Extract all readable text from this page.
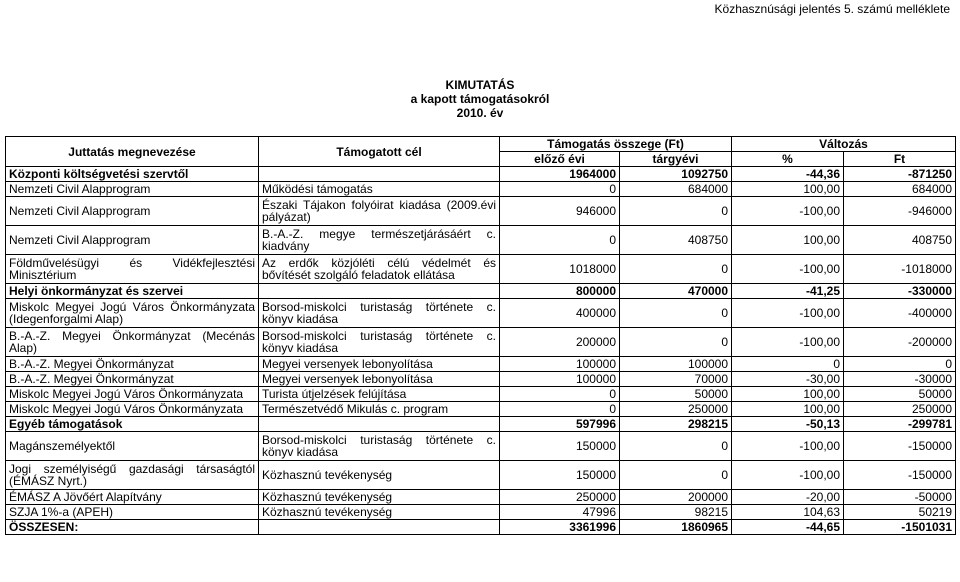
Közhasznúsági jelentés 5. számú melléklete
KIMUTATÁS
a kapott támogatásokról
2010. év
Juttatás megnevezése	Támogatott cél	Támogatás összege (Ft)		Változás	
		előző évi	tárgyévi	%	Ft
Központi költségvetési szervtől		1964000	1092750	-44,36	-871250
Nemzeti Civil Alapprogram	Működési támogatás	0	684000	100,00	684000
Nemzeti Civil Alapprogram	Északi Tájakon folyóirat kiadása (2009.évi pályázat)	946000	0	-100,00	-946000
Nemzeti Civil Alapprogram	B.-A.-Z. megye természetjárásáért c. kiadvány	0	408750	100,00	408750
Földművelésügyi és Vidékfejlesztési Minisztérium	Az erdők közjóléti célú védelmét és bővítését szolgáló feladatok ellátása	1018000	0	-100,00	-1018000
Helyi önkormányzat és szervei		800000	470000	-41,25	-330000
Miskolc Megyei Jogú Város Önkormányzata (Idegenforgalmi Alap)	Borsod-miskolci turistaság története c. könyv kiadása	400000	0	-100,00	-400000
B.-A.-Z. Megyei Önkormányzat (Mecénás Alap)	Borsod-miskolci turistaság története c. könyv kiadása	200000	0	-100,00	-200000
B.-A.-Z. Megyei Önkormányzat	Megyei versenyek lebonyolítása	100000	100000	0	0
B.-A.-Z. Megyei Önkormányzat	Megyei versenyek lebonyolítása	100000	70000	-30,00	-30000
Miskolc Megyei Jogú Város Önkormányzata	Turista útjelzések felújítása	0	50000	100,00	50000
Miskolc Megyei Jogú Város Önkormányzata	Természetvédő Mikulás c. program	0	250000	100,00	250000
Egyéb támogatások		597996	298215	-50,13	-299781
Magánszemélyektől	Borsod-miskolci turistaság története c. könyv kiadása	150000	0	-100,00	-150000
Jogi személyiségű gazdasági társaságtól (ÉMÁSZ Nyrt.)	Közhasznú tevékenység	150000	0	-100,00	-150000
ÉMÁSZ A Jövőért Alapítvány	Közhasznú tevékenység	250000	200000	-20,00	-50000
SZJA 1%-a (APEH)	Közhasznú tevékenység	47996	98215	104,63	50219
ÖSSZESEN:		3361996	1860965	-44,65	-1501031
